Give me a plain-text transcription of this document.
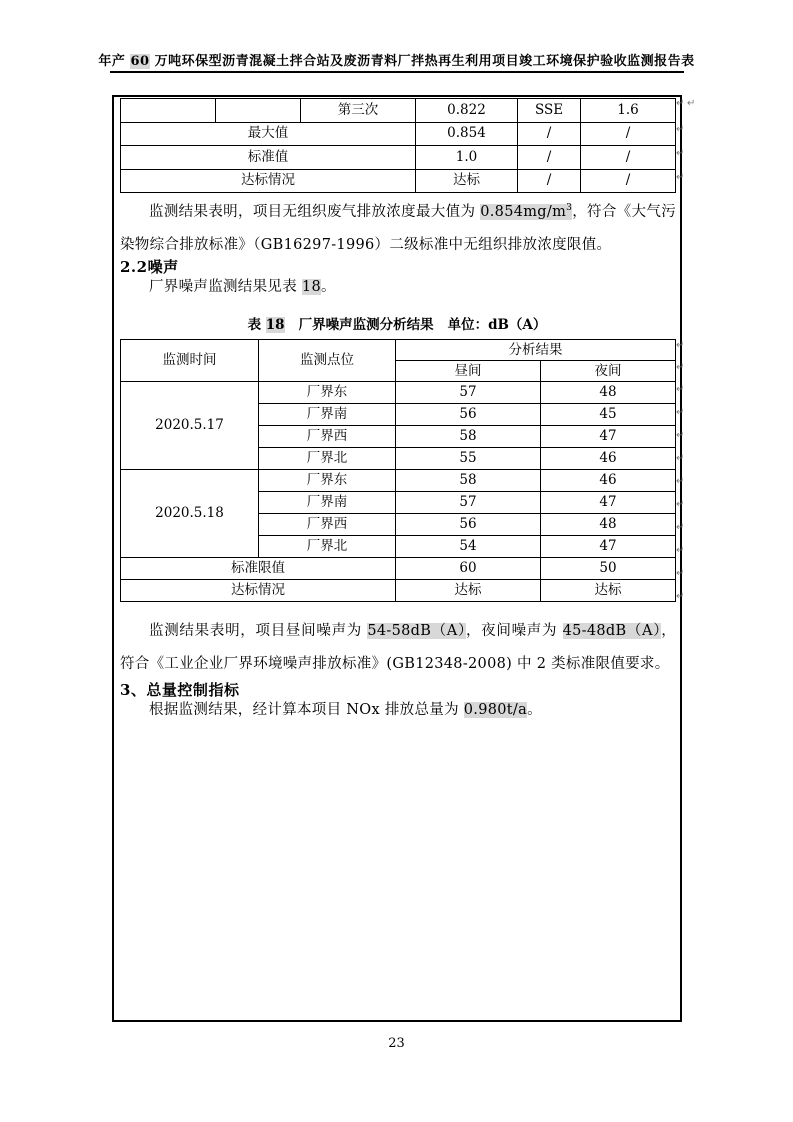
年产 60 万吨环保型沥青混凝土拌合站及废沥青料厂拌热再生利用项目竣工环境保护验收监测报告表
		第三次	0.822	SSE	1.6
最大值			0.854	/	/
标准值			1.0	/	/
达标情况			达标	/	/
监测结果表明，项目无组织废气排放浓度最大值为 $0.854mg/m^3$，符合《大气污染物综合排放标准》（GB16297-1996）二级标准中无组织排放浓度限值。
2.2噪声
厂界噪声监测结果见表 18。
表 18 厂界噪声监测分析结果 单位：dB（A）
监测时间	监测点位	分析结果	
		昼间	夜间
2020.5.17	厂界东	57	48
	厂界南	56	45
	厂界西	58	47
	厂界北	55	46
2020.5.18	厂界东	58	46
	厂界南	57	47
	厂界西	56	48
	厂界北	54	47
标准限值		60	50
达标情况		达标	达标
监测结果表明，项目昼间噪声为 54-58dB（A），夜间噪声为 45-48dB（A），符合《工业企业厂界环境噪声排放标准》(GB12348-2008) 中 2 类标准限值要求。
3、总量控制指标
根据监测结果，经计算本项目 NOx 排放总量为 0.980t/a。
23
↵ ↵
↵
↵
↵
↵
↵
↵
↵
↵
↵
↵
↵
↵
↵
↵
↵
